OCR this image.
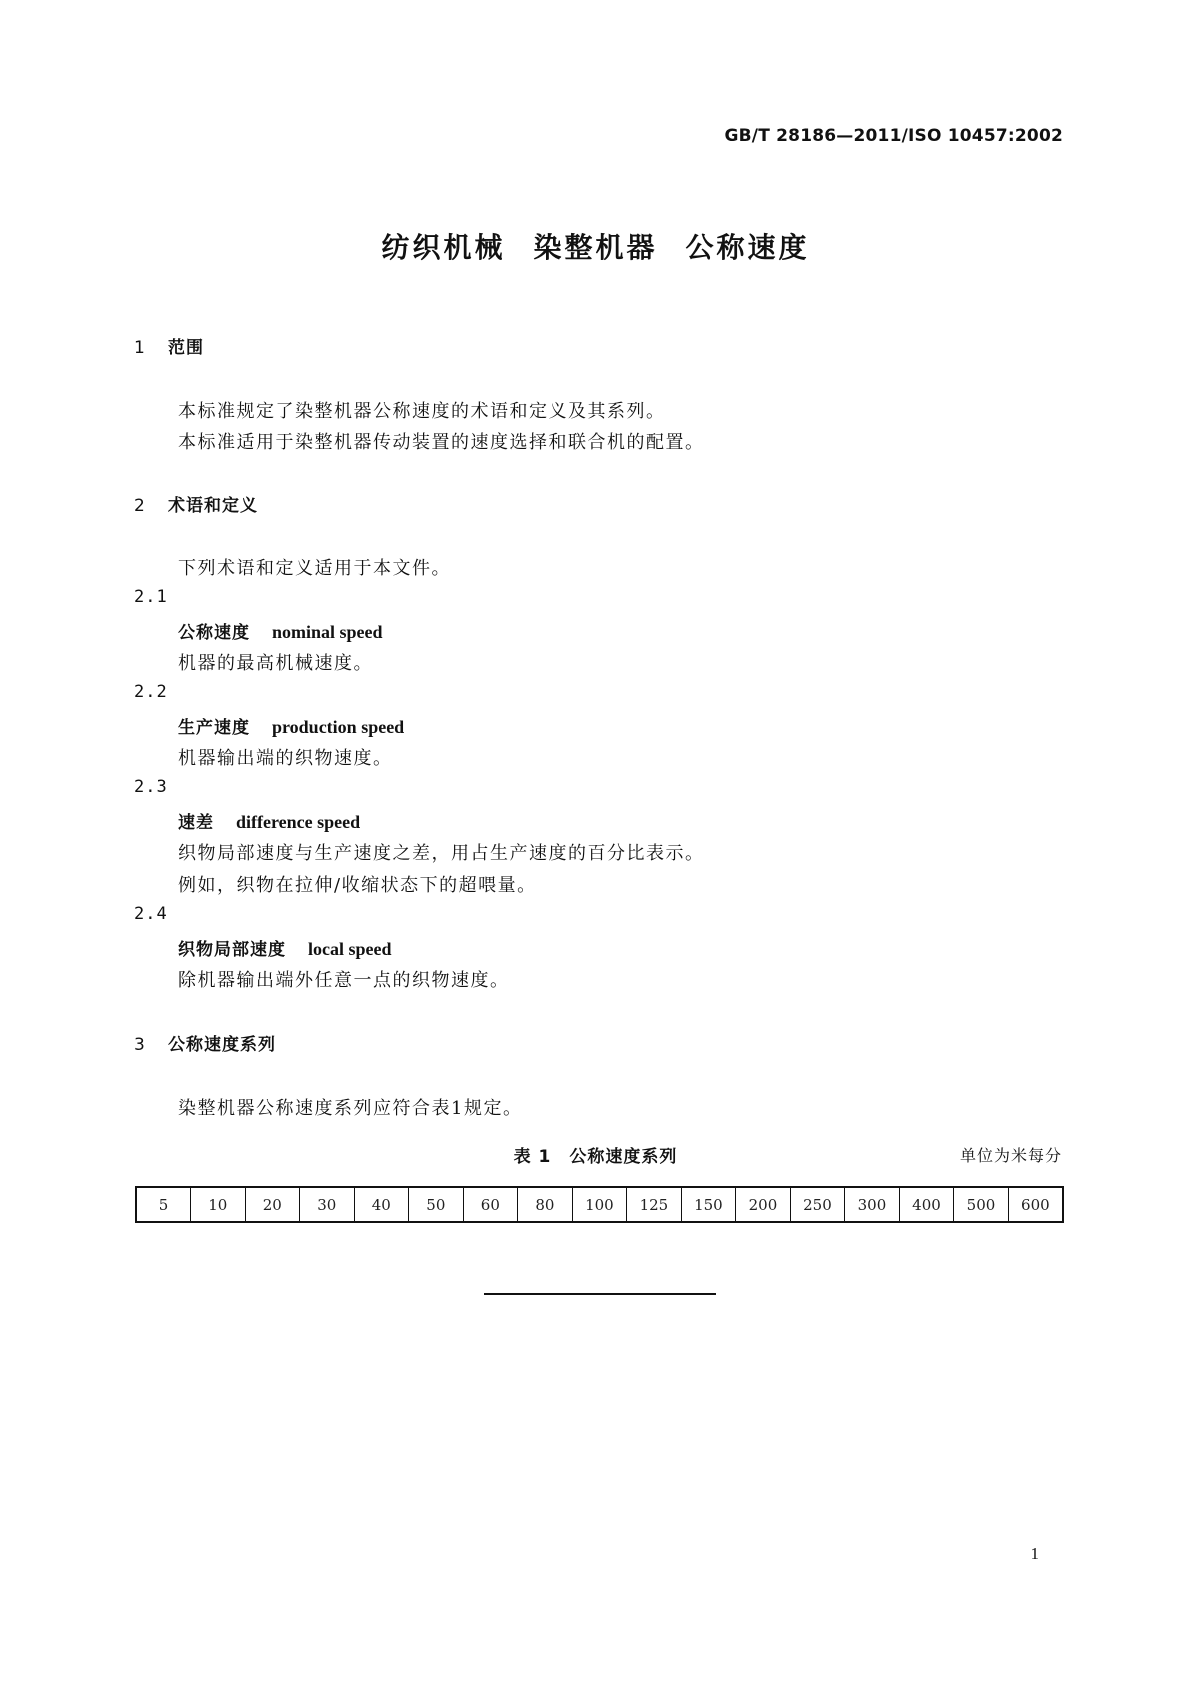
GB/T 28186—2011/ISO 10457:2002
纺织机械 染整机器 公称速度
1 范围
本标准规定了染整机器公称速度的术语和定义及其系列。
本标准适用于染整机器传动装置的速度选择和联合机的配置。
2 术语和定义
下列术语和定义适用于本文件。
2.1
公称速度 nominal speed
机器的最高机械速度。
2.2
生产速度 production speed
机器输出端的织物速度。
2.3
速差 difference speed
织物局部速度与生产速度之差，用占生产速度的百分比表示。
例如，织物在拉伸/收缩状态下的超喂量。
2.4
织物局部速度 local speed
除机器输出端外任意一点的织物速度。
3 公称速度系列
染整机器公称速度系列应符合表1规定。
表 1　公称速度系列	单位为米每分
5	10	20	30	40	50	60	80	100	125	150	200	250	300	400	500	600
1
